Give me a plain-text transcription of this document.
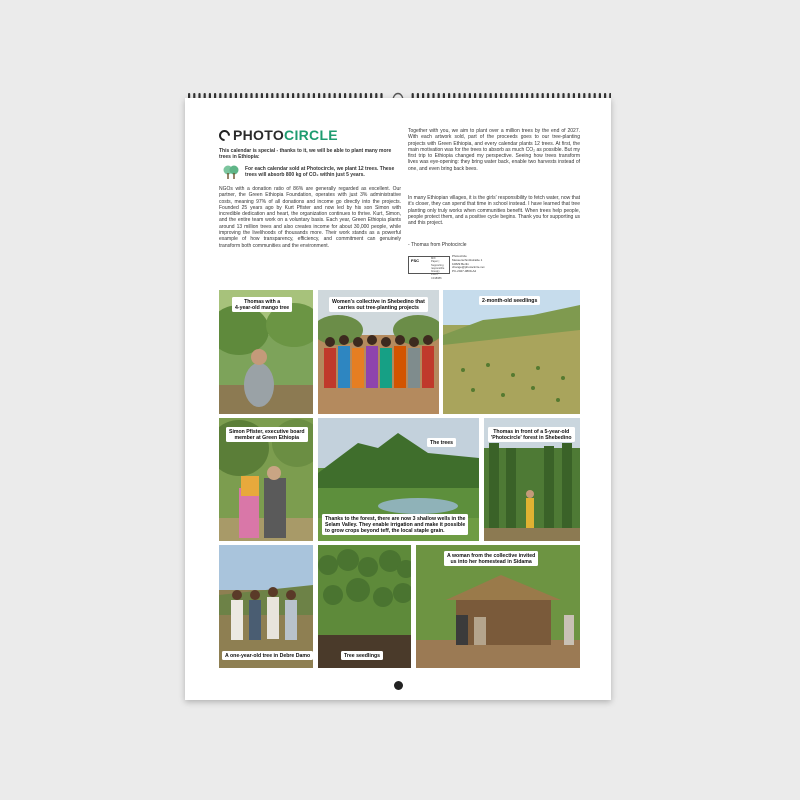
PHOTOCIRCLE
This calendar is special - thanks to it, we will be able to plant many more trees in Ethiopia:
For each calendar sold at Photocircle, we plant 12 trees. These trees will absorb 800 kg of CO₂ within just 5 years.
NGOs with a donation ratio of 86% are generally regarded as excellent. Our partner, the Green Ethiopia Foundation, operates with just 3% administrative costs, meaning 97% of all donations and income go directly into the projects. Founded 25 years ago by Kurt Pfister and now led by his son Simon with incredible dedication and heart, the organization continues to thrive. Kurt, Simon, and the entire team work on a voluntary basis. Each year, Green Ethiopia plants around 13 million trees and also creates income for about 30,000 people, while improving the livelihoods of thousands more. Their work stands as a powerful example of how transparency, efficiency, and commitment can genuinely transform both communities and the environment.
Together with you, we aim to plant over a million trees by the end of 2027. With each artwork sold, part of the proceeds goes to our tree-planting projects with Green Ethiopia, and every calendar plants 12 trees. At first, the main motivation was for the trees to absorb as much CO₂ as possible. But my first trip to Ethiopia changed my perspective. Seeing how trees transform lives was eye-opening: they bring water back, enable two harvests instead of one, and even bring back bees.
In many Ethiopian villages, it is the girls' responsibility to fetch water, now that it's closer, they can spend that time in school instead. I have learned that tree planting only truly works when communities benefit. When trees help people, people protect them, and a positive cycle begins. Thank you for supporting us and this project.
- Thomas from Photocircle
FSC	MIX
Paper | Supporting responsible forestry
FSC® C018086
Photocircle
Messerschmittstraße 1
10829 Berlin
change@photocircle.net
PC-2027-0809-A2
Thomas with a
4-year-old mango tree
Women's collective in Shebedino that
carries out tree-planting projects
2-month-old seedlings
Simon Pfister, executive board
member at Green Ethiopia
The trees
Thanks to the forest, there are now 3 shallow wells in the
Selam Valley. They enable irrigation and make it possible
to grow crops beyond teff, the local staple grain.
Thomas in front of a 5-year-old
'Photocircle' forest in Shebedino
A one-year-old tree in Debre Damo	Tree seedlings
A woman from the collective invited
us into her homestead in Sidama
